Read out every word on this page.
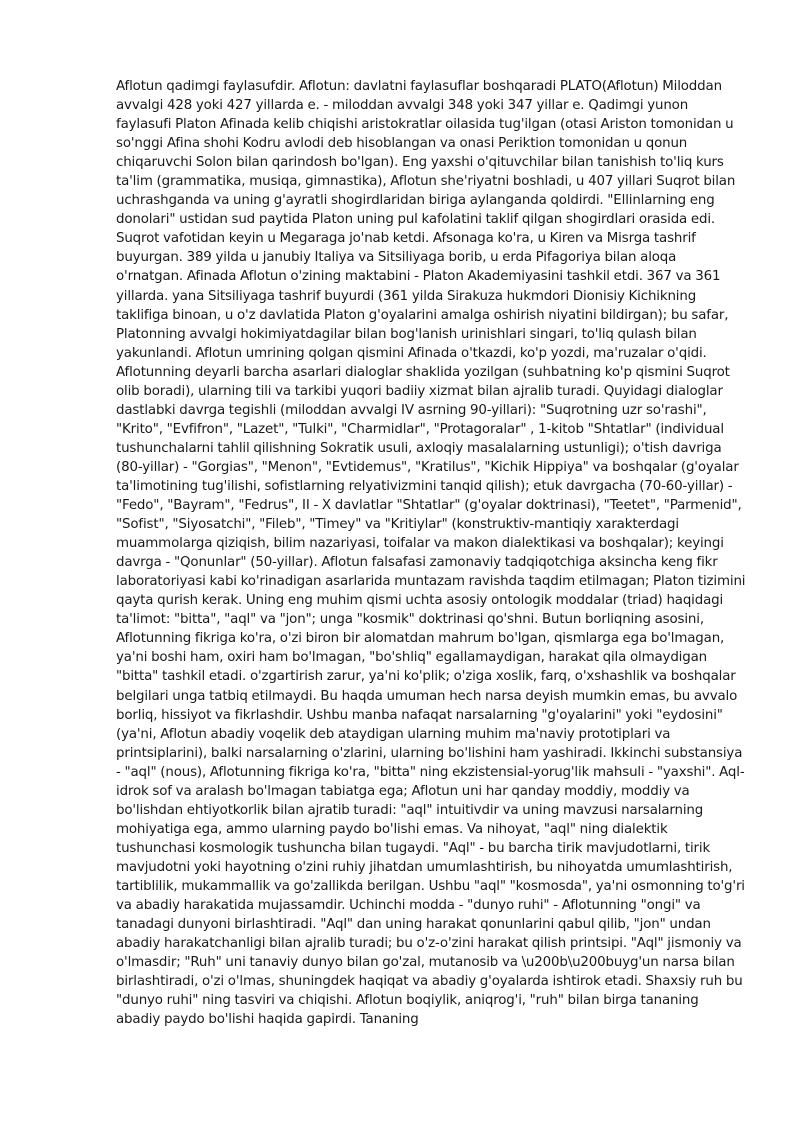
Aflotun qadimgi faylasufdir. Aflotun: davlatni faylasuflar boshqaradi PLATO(Aflotun) Miloddan avvalgi 428 yoki 427 yillarda e. - miloddan avvalgi 348 yoki 347 yillar e. Qadimgi yunon faylasufi Platon Afinada kelib chiqishi aristokratlar oilasida tug'ilgan (otasi Ariston tomonidan u so'nggi Afina shohi Kodru avlodi deb hisoblangan va onasi Periktion tomonidan u qonun chiqaruvchi Solon bilan qarindosh bo'lgan). Eng yaxshi o'qituvchilar bilan tanishish to'liq kurs ta'lim (grammatika, musiqa, gimnastika), Aflotun she'riyatni boshladi, u 407 yillari Suqrot bilan uchrashganda va uning g'ayratli shogirdlaridan biriga aylanganda qoldirdi. "Ellinlarning eng donolari" ustidan sud paytida Platon uning pul kafolatini taklif qilgan shogirdlari orasida edi. Suqrot vafotidan keyin u Megaraga jo'nab ketdi. Afsonaga ko'ra, u Kiren va Misrga tashrif buyurgan. 389 yilda u janubiy Italiya va Sitsiliyaga borib, u erda Pifagoriya bilan aloqa o'rnatgan. Afinada Aflotun o'zining maktabini - Platon Akademiyasini tashkil etdi. 367 va 361 yillarda. yana Sitsiliyaga tashrif buyurdi (361 yilda Sirakuza hukmdori Dionisiy Kichikning taklifiga binoan, u o'z davlatida Platon g'oyalarini amalga oshirish niyatini bildirgan); bu safar, Platonning avvalgi hokimiyatdagilar bilan bog'lanish urinishlari singari, to'liq qulash bilan yakunlandi. Aflotun umrining qolgan qismini Afinada o'tkazdi, ko'p yozdi, ma'ruzalar o'qidi. Aflotunning deyarli barcha asarlari dialoglar shaklida yozilgan (suhbatning ko'p qismini Suqrot olib boradi), ularning tili va tarkibi yuqori badiiy xizmat bilan ajralib turadi. Quyidagi dialoglar dastlabki davrga tegishli (miloddan avvalgi IV asrning 90-yillari): "Suqrotning uzr so'rashi", "Krito", "Evfifron", "Lazet", "Tulki", "Charmidlar", "Protagoralar" , 1-kitob "Shtatlar" (individual tushunchalarni tahlil qilishning Sokratik usuli, axloqiy masalalarning ustunligi); o'tish davriga (80-yillar) - "Gorgias", "Menon", "Evtidemus", "Kratilus", "Kichik Hippiya" va boshqalar (g'oyalar ta'limotining tug'ilishi, sofistlarning relyativizmini tanqid qilish); etuk davrgacha (70-60-yillar) - "Fedo", "Bayram", "Fedrus", II - X davlatlar "Shtatlar" (g'oyalar doktrinasi), "Teetet", "Parmenid", "Sofist", "Siyosatchi", "Fileb", "Timey" va "Kritiylar" (konstruktiv-mantiqiy xarakterdagi muammolarga qiziqish, bilim nazariyasi, toifalar va makon dialektikasi va boshqalar); keyingi davrga - "Qonunlar" (50-yillar). Aflotun falsafasi zamonaviy tadqiqotchiga aksincha keng fikr laboratoriyasi kabi ko'rinadigan asarlarida muntazam ravishda taqdim etilmagan; Platon tizimini qayta qurish kerak. Uning eng muhim qismi uchta asosiy ontologik moddalar (triad) haqidagi ta'limot: "bitta", "aql" va "jon"; unga "kosmik" doktrinasi qo'shni. Butun borliqning asosini, Aflotunning fikriga ko'ra, o'zi biron bir alomatdan mahrum bo'lgan, qismlarga ega bo'lmagan, ya'ni boshi ham, oxiri ham bo'lmagan, "bo'shliq" egallamaydigan, harakat qila olmaydigan "bitta" tashkil etadi. o'zgartirish zarur, ya'ni ko'plik; o'ziga xoslik, farq, o'xshashlik va boshqalar belgilari unga tatbiq etilmaydi. Bu haqda umuman hech narsa deyish mumkin emas, bu avvalo borliq, hissiyot va fikrlashdir. Ushbu manba nafaqat narsalarning "g'oyalarini" yoki "eydosini" (ya'ni, Aflotun abadiy voqelik deb ataydigan ularning muhim ma'naviy prototiplari va printsiplarini), balki narsalarning o'zlarini, ularning bo'lishini ham yashiradi. Ikkinchi substansiya - "aql" (nous), Aflotunning fikriga ko'ra, "bitta" ning ekzistensial-yorug'lik mahsuli - "yaxshi". Aql-idrok sof va aralash bo'lmagan tabiatga ega; Aflotun uni har qanday moddiy, moddiy va bo'lishdan ehtiyotkorlik bilan ajratib turadi: "aql" intuitivdir va uning mavzusi narsalarning mohiyatiga ega, ammo ularning paydo bo'lishi emas. Va nihoyat, "aql" ning dialektik tushunchasi kosmologik tushuncha bilan tugaydi. "Aql" - bu barcha tirik mavjudotlarni, tirik mavjudotni yoki hayotning o'zini ruhiy jihatdan umumlashtirish, bu nihoyatda umumlashtirish, tartiblilik, mukammallik va go'zallikda berilgan. Ushbu "aql" "kosmosda", ya'ni osmonning to'g'ri va abadiy harakatida mujassamdir. Uchinchi modda - "dunyo ruhi" - Aflotunning "ongi" va tanadagi dunyoni birlashtiradi. "Aql" dan uning harakat qonunlarini qabul qilib, "jon" undan abadiy harakatchanligi bilan ajralib turadi; bu o'z-o'zini harakat qilish printsipi. "Aql" jismoniy va o'lmasdir; "Ruh" uni tanaviy dunyo bilan go'zal, mutanosib va \u200b\u200buyg'un narsa bilan birlashtiradi, o'zi o'lmas, shuningdek haqiqat va abadiy g'oyalarda ishtirok etadi. Shaxsiy ruh bu "dunyo ruhi" ning tasviri va chiqishi. Aflotun boqiylik, aniqrog'i, "ruh" bilan birga tananing abadiy paydo bo'lishi haqida gapirdi. Tananing
